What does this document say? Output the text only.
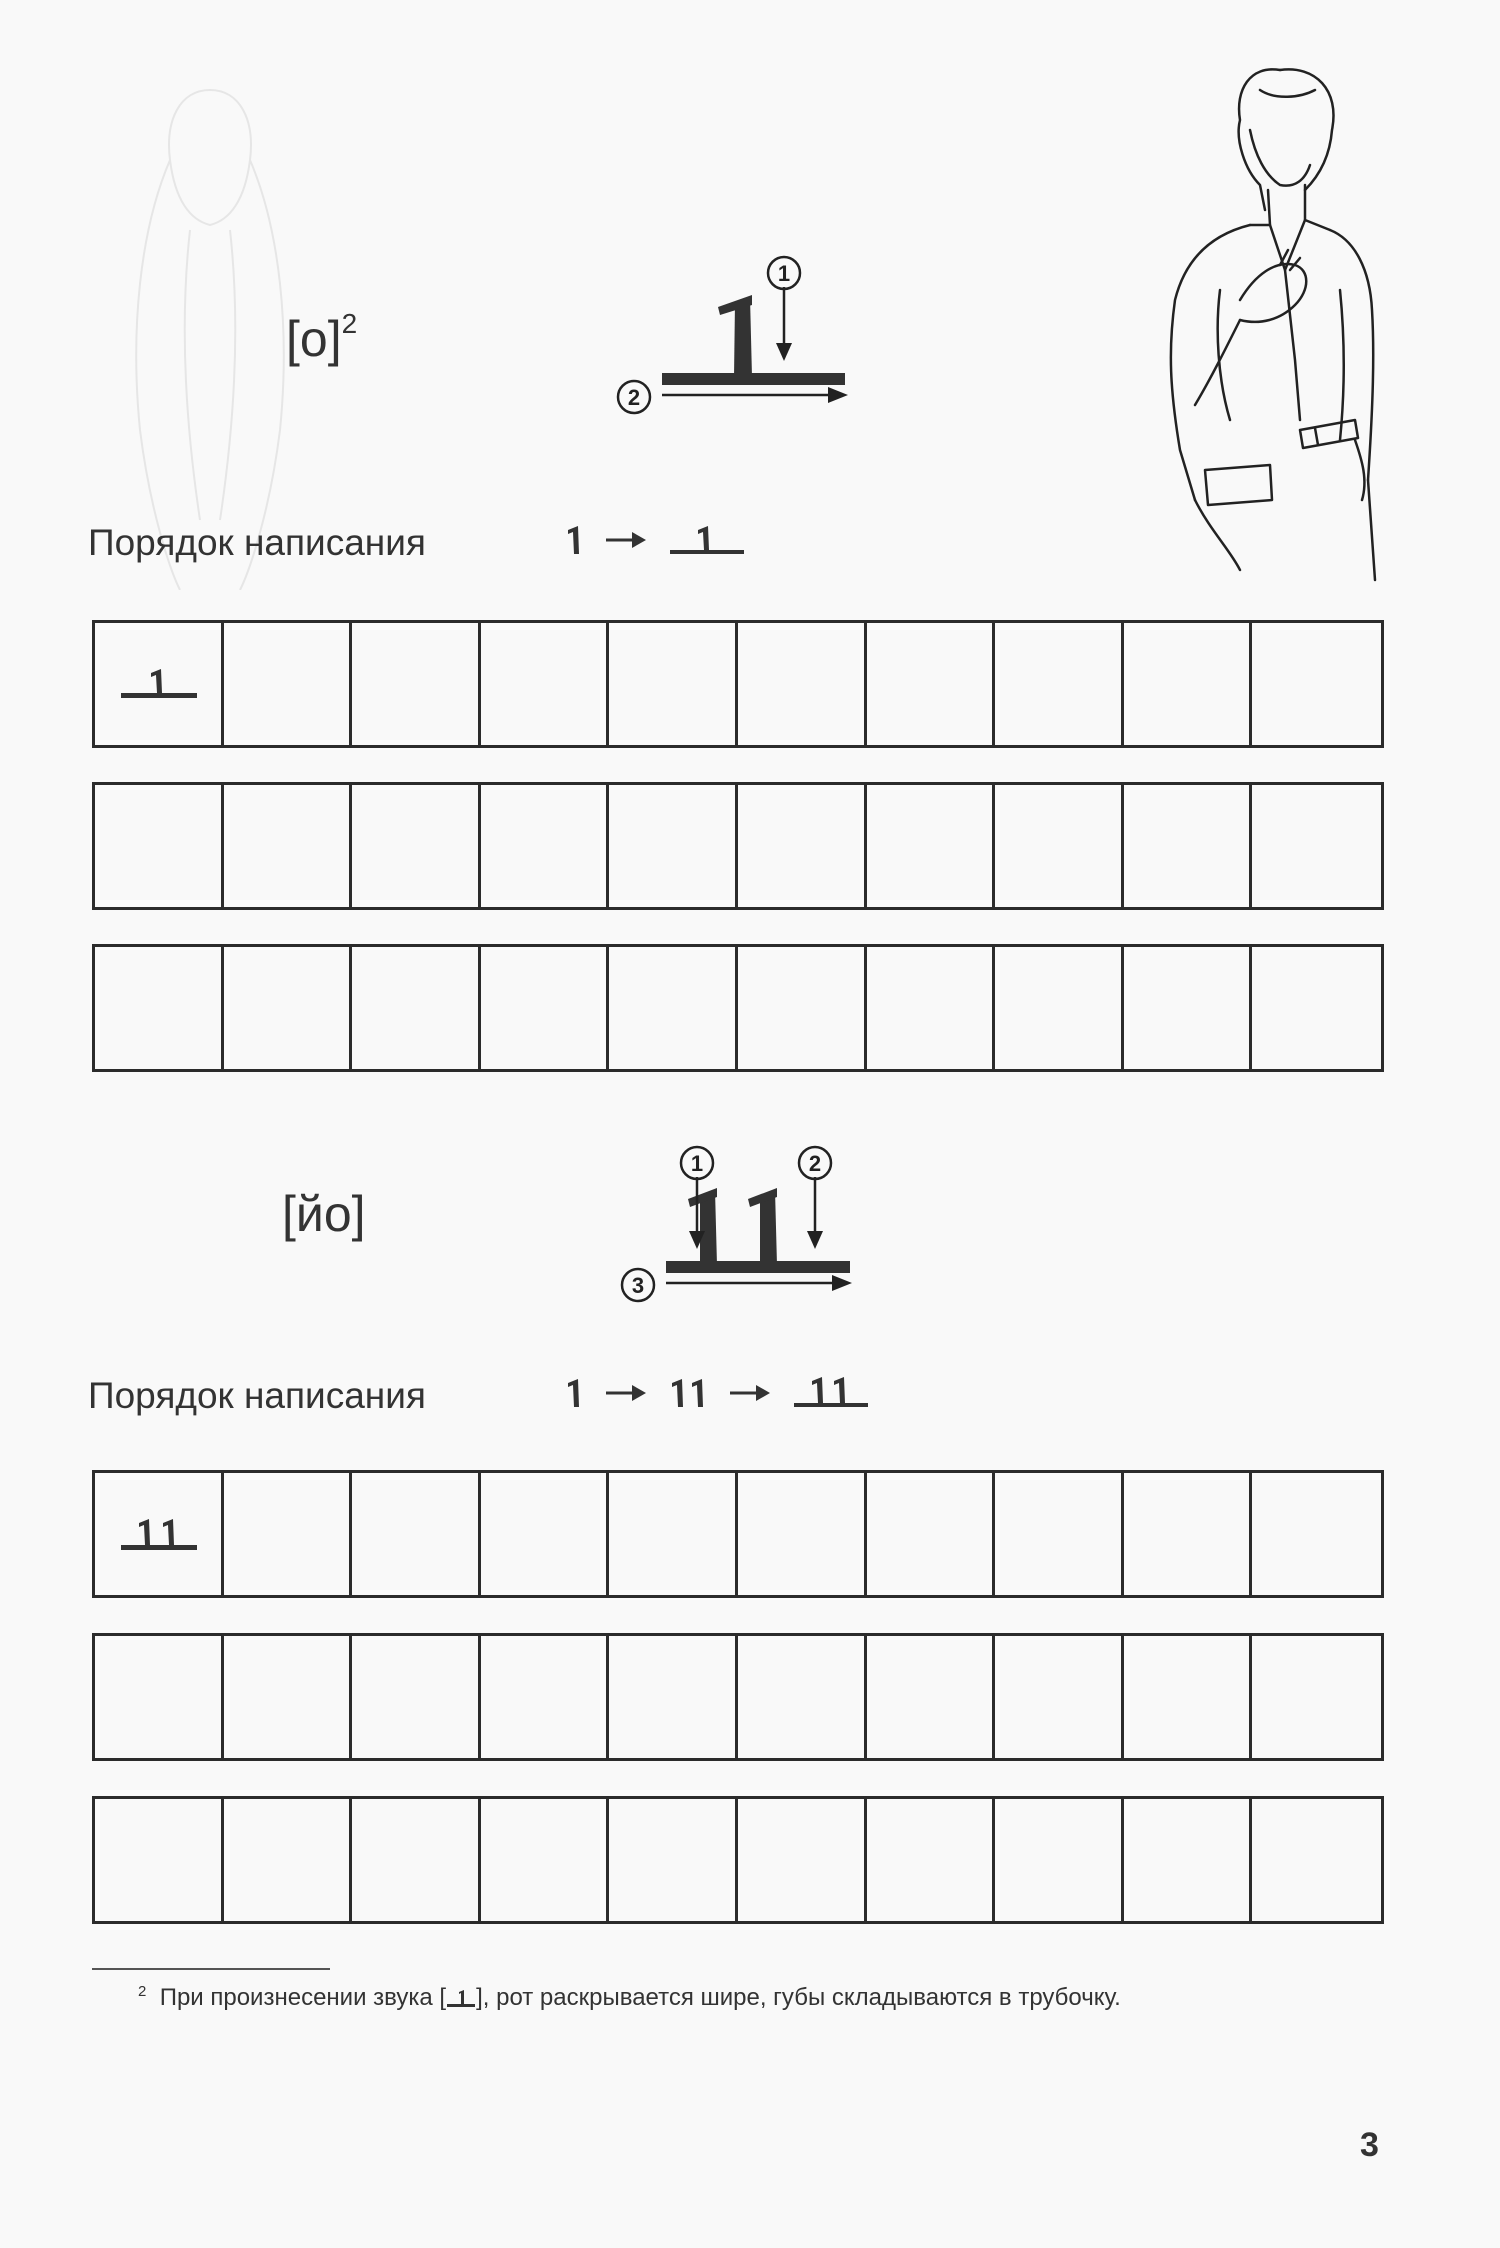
$[о]^2$
1
2
Порядок написания
[йо]
1	2
3
Порядок написания
$^2$ При произнесении звука [ ], рот раскрывается шире, губы складываются в трубочку.
3
